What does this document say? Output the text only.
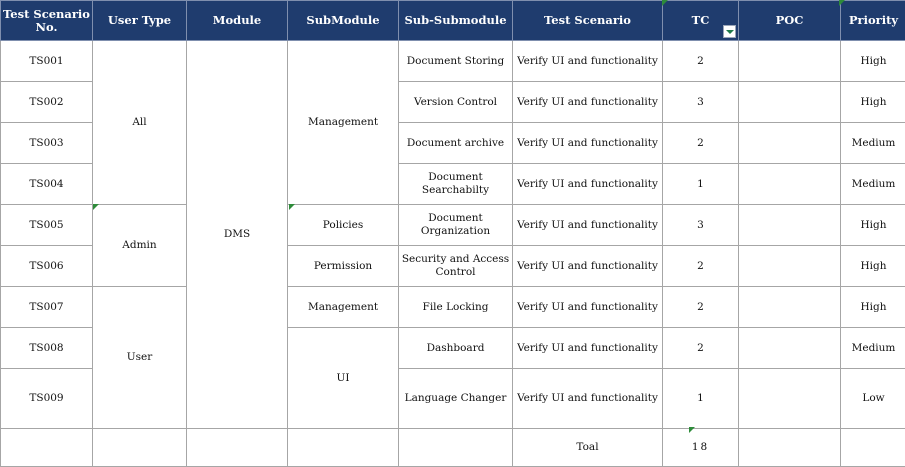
Test Scenario No.	User Type	Module	SubModule	Sub-Submodule	Test Scenario	TC	POC	Priority
TS001	All	DMS	Management	Document Storing	Verify UI and functionality	2		High
TS002				Version Control	Verify UI and functionality	3		High
TS003				Document archive	Verify UI and functionality	2		Medium
TS004				Document Searchabilty	Verify UI and functionality	1		Medium
TS005	Admin		Policies	Document Organization	Verify UI and functionality	3		High
TS006			Permission	Security and Access Control	Verify UI and functionality	2		High
TS007	User		Management	File Locking	Verify UI and functionality	2		High
TS008			UI	Dashboard	Verify UI and functionality	2		Medium
TS009				Language Changer	Verify UI and functionality	1		Low
					Toal	18		
